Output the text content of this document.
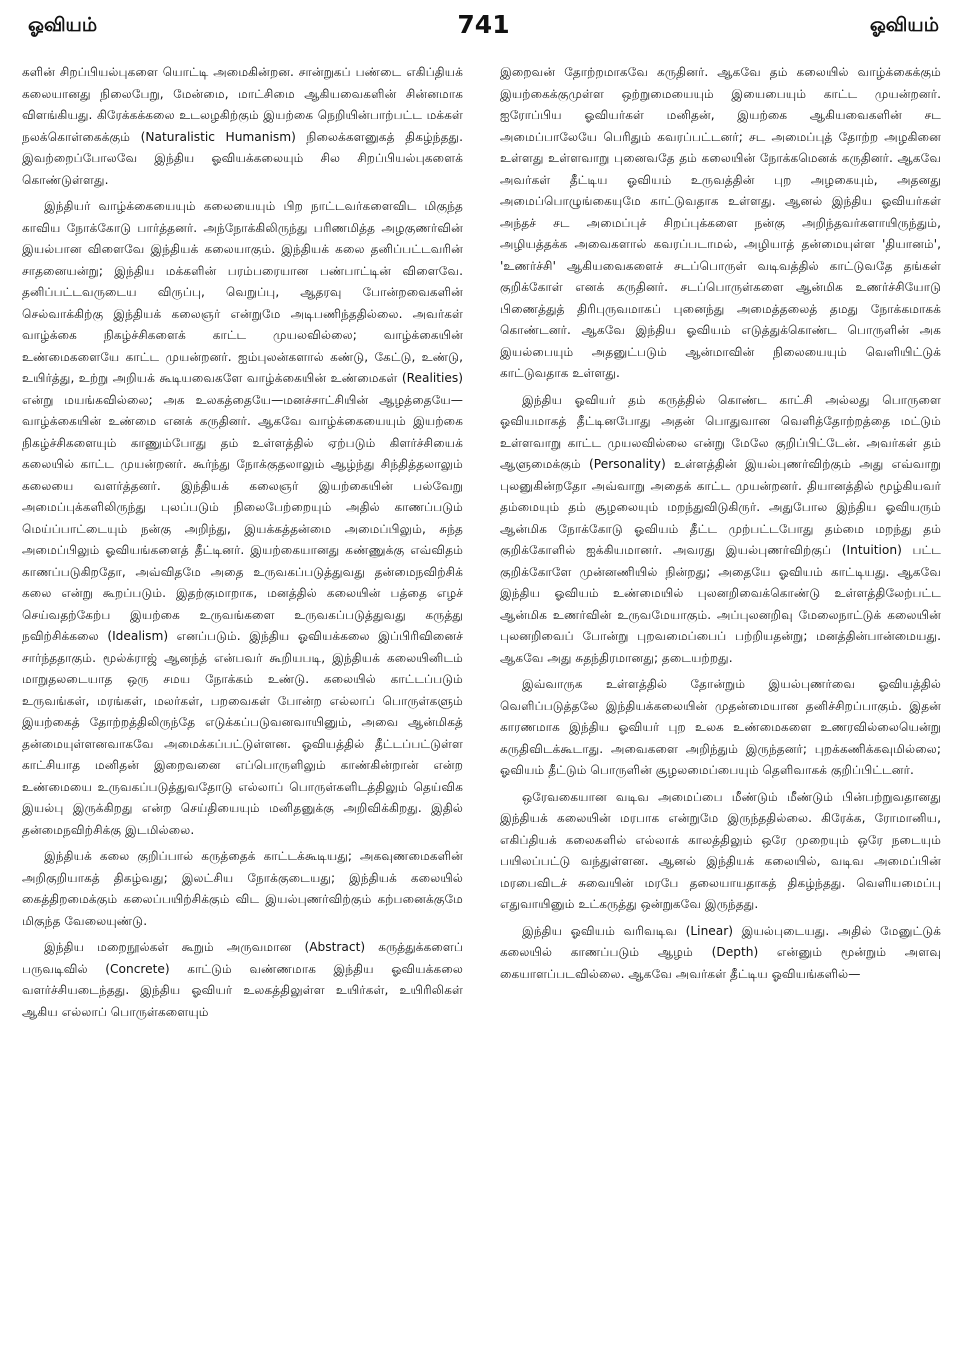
ஓவியம்	741	ஓவியம்

களின் சிறப்பியல்புகளை யொட்டி அமைகின்றன. சான்றுகப் பண்டை எகிப்தியக் கலையானது நிலைபேறு, மேன்மை, மாட்சிமை ஆகியவைகளின் சின்னமாக விளங்கியது. கிரேக்கக்கலை உடலழகிற்கும் இயற்கை நெறியின்பாற்பட்ட மக்கள் நலக்கொள்கைக்கும் (Naturalistic Humanism) நிலைக்களனுகத் திகழ்ந்தது. இவற்றைப்போலவே இந்திய ஓவியக்கலையும் சில சிறப்பியல்புகளைக் கொண்டுள்ளது.

இந்தியர் வாழ்க்கையையும் கலையையும் பிற நாட்டவர்களைவிட மிகுந்த காவிய நோக்கோடு பார்த்தனர். அந்நோக்கிலிருந்து பரிணமித்த அழகுணர்வின் இயல்பான விளைவே இந்தியக் கலையாகும். இந்தியக் கலை தனிப்பட்டவரின் சாதனையன்று; இந்திய மக்களின் பரம்பரையான பண்பாட்டின் விளைவே. தனிப்பட்டவருடைய விருப்பு, வெறுப்பு, ஆதரவு போன்றவைகளின் செல்வாக்கிற்கு இந்தியக் கலைஞர் என்றுமே அடிபணிந்ததில்லை. அவர்கள் வாழ்க்கை நிகழ்ச்சிகளைக் காட்ட முயலவில்லை; வாழ்க்கையின் உண்மைகளையே காட்ட முயன்றனர். ஐம்புலன்களால் கண்டு, கேட்டு, உண்டு, உயிர்த்து, உற்று அறியக் கூடியவைகளே வாழ்க்கையின் உண்மைகள் (Realities) என்று மயங்கவில்லை; அக உலகத்தையே—மனச்சாட்சியின் ஆழத்தையே—வாழ்க்கையின் உண்மை எனக் கருதினர். ஆகவே வாழ்க்கையையும் இயற்கை நிகழ்ச்சிகளையும் காணும்போது தம் உள்ளத்தில் ஏற்படும் கிளர்ச்சியைக் கலையில் காட்ட முயன்றனர். கூர்ந்து நோக்குதலாலும் ஆழ்ந்து சிந்தித்தலாலும் கலையை வளர்த்தனர். இந்தியக் கலைஞர் இயற்கையின் பல்வேறு அமைப்புக்களிலிருந்து புலப்படும் நிலைபேற்றையும் அதில் காணப்படும் மெய்ப்பாட்டையும் நன்கு அறிந்து, இயக்கத்தன்மை அமைப்பிலும், சுந்த அமைப்பிலும் ஓவியங்களைத் தீட்டினர். இயற்கையானது கண்ணுக்கு எவ்விதம் காணப்படுகிறதோ, அவ்விதமே அதை உருவகப்படுத்துவது தன்மைநவிற்சிக் கலை என்று கூறப்படும். இதற்குமாறாக, மனத்தில் கலையின் பத்தை எழச் செய்வதற்கேற்ப இயற்கை உருவங்களை உருவகப்படுத்துவது கருத்து நவிற்சிக்கலை (Idealism) எனப்படும். இந்திய ஓவியக்கலை இப்பிரிவினைச் சார்ந்ததாகும். மூல்க்ராஜ் ஆனந்த் என்பவர் கூறியபடி, இந்தியக் கலையினிடம் மாறுதலடையாத ஒரு சமய நோக்கம் உண்டு. கலையில் காட்டப்படும் உருவங்கள், மரங்கள், மலர்கள், பறவைகள் போன்ற எல்லாப் பொருள்களும் இயற்கைத் தோற்றத்திலிருந்தே எடுக்கப்படுவனவாயினும், அவை ஆன்மிகத் தன்மையுள்ளனவாகவே அமைக்கப்பட்டுள்ளன. ஓவியத்தில் தீட்டப்பட்டுள்ள காட்சியாத மனிதன் இறைவனை எப்பொருளிலும் காண்கின்றான் என்ற உண்மையை உருவகப்படுத்துவதோடு எல்லாப் பொருள்களிடத்திலும் தெய்விக இயல்பு இருக்கிறது என்ற செய்தியையும் மனிதனுக்கு அறிவிக்கிறது. இதில் தன்மைநவிற்சிக்கு இடமில்லை.

இந்தியக் கலை குறிப்பால் கருத்தைக் காட்டக்கூடியது; அகவுணமைகளின் அறிகுறியாகத் திகழ்வது; இலட்சிய நோக்குடையது; இந்தியக் கலையில் கைத்திறமைக்கும் கலைப்பயிற்சிக்கும் விட இயல்புணர்விற்கும் கற்பனைக்குமே மிகுந்த வேலையுண்டு.

இந்திய மறைநூல்கள் கூறும் அருவமான (Abstract) கருத்துக்களைப் பருவடிவில் (Concrete) காட்டும் வண்ணமாக இந்திய ஓவியக்கலை வளர்ச்சியடைந்தது. இந்திய ஓவியர் உலகத்திலுள்ள உயிர்கள், உயிரிலிகள் ஆகிய எல்லாப் பொருள்களையும்

இறைவன் தோற்றமாகவே கருதினர். ஆகவே தம் கலையில் வாழ்க்கைக்கும் இயற்கைக்குமுள்ள ஒற்றுமையையும் இயைபையும் காட்ட முயன்றனர். ஐரோப்பிய ஓவியர்கள் மனிதன், இயற்கை ஆகியவைகளின் சட அமைப்பாலேயே பெரிதும் கவரப்பட்டனர்; சட அமைப்புத் தோற்ற அழகினை உள்ளது உள்ளவாறு புனைவதே தம் கலையின் நோக்கமெனக் கருதினர். ஆகவே அவர்கள் தீட்டிய ஓவியம் உருவத்தின் புற அழகையும், அதனது அமைப்பொழுங்கையுமே காட்டுவதாக உள்ளது. ஆனல் இந்திய ஓவியர்கள் அந்தச் சட அமைப்புச் சிறப்புக்களை நன்கு அறிந்தவர்களாயிருந்தும், அழியத்தக்க அவைகளால் கவரப்படாமல், அழியாத் தன்மையுள்ள 'தியானம்', 'உணர்ச்சி' ஆகியவைகளைச் சடப்பொருள் வடிவத்தில் காட்டுவதே தங்கள் குறிக்கோள் எனக் கருதினர். சடப்பொருள்களை ஆன்மிக உணர்ச்சியோடு பிணைத்துத் திரிபுருவமாகப் புனைந்து அமைத்தலைத் தமது நோக்கமாகக் கொண்டனர். ஆகவே இந்திய ஓவியம் எடுத்துக்கொண்ட பொருளின் அக இயல்பையும் அதனுட்படும் ஆன்மாவின் நிலையையும் வெளியிட்டுக் காட்டுவதாக உள்ளது.

இந்திய ஓவியர் தம் கருத்தில் கொண்ட காட்சி அல்லது பொருளை ஓவியமாகத் தீட்டினபோது அதன் பொதுவான வெளித்தோற்றத்தை மட்டும் உள்ளவாறு காட்ட முயலவில்லை என்று மேலே குறிப்பிட்டேன். அவர்கள் தம் ஆளுமைக்கும் (Personality) உள்ளத்தின் இயல்புணர்விற்கும் அது எவ்வாறு புலனுகின்றதோ அவ்வாறு அதைக் காட்ட முயன்றனர். தியானத்தில் மூழ்கியவர் தம்மையும் தம் சூழலையும் மறந்துவிடுகிருர். அதுபோல இந்திய ஓவியரும் ஆன்மிக நோக்கோடு ஓவியம் தீட்ட முற்பட்டபோது தம்மை மறந்து தம் குறிக்கோளில் ஐக்கியமானர். அவரது இயல்புணர்விற்குப் (Intuition) பட்ட குறிக்கோளே முன்னணியில் நின்றது; அதையே ஓவியம் காட்டியது. ஆகவே இந்திய ஓவியம் உண்மையில் புலனறிவைக்கொண்டு உள்ளத்திலேற்பட்ட ஆன்மிக உணர்வின் உருவமேயாகும். அப்புலனறிவு மேலைநாட்டுக் கலையின் புலனறிவைப் போன்று புறவமைப்பைப் பற்றியதன்று; மனத்தின்பான்மையது. ஆகவே அது சுதந்திரமானது; தடையற்றது.

இவ்வாருக உள்ளத்தில் தோன்றும் இயல்புணர்வை ஓவியத்தில் வெளிப்படுத்தலே இந்தியக்கலையின் முதன்மையான தனிச்சிறப்பாகும். இதன் காரணமாக இந்திய ஓவியர் புற உலக உண்மைகளை உணரவில்லையென்று கருதிவிடக்கூடாது. அவைகளை அறிந்தும் இருந்தனர்; புறக்கணிக்கவுமில்லை; ஓவியம் தீட்டும் பொருளின் சூழலமைப்பையும் தெளிவாகக் குறிப்பிட்டனர்.

ஒரேவகையான வடிவ அமைப்பை மீண்டும் மீண்டும் பின்பற்றுவதானது இந்தியக் கலையின் மரபாக என்றுமே இருந்ததில்லை. கிரேக்க, ரோமானிய, எகிப்தியக் கலைகளில் எல்லாக் காலத்திலும் ஒரே முறையும் ஒரே நடையும் பயிலப்பட்டு வந்துள்ளன. ஆனல் இந்தியக் கலையில், வடிவ அமைப்பின் மரபைவிடச் சுவையின் மரபே தலையாயதாகத் திகழ்ந்தது. வெளியமைப்பு எதுவாயினும் உட்கருத்து ஒன்றுகவே இருந்தது.

இந்திய ஓவியம் வரிவடிவ (Linear) இயல்புடையது. அதில் மேனுட்டுக் கலையில் காணப்படும் ஆழம் (Depth) என்னும் மூன்றும் அளவு கையாளப்படவில்லை. ஆகவே அவர்கள் தீட்டிய ஓவியங்களில்—
